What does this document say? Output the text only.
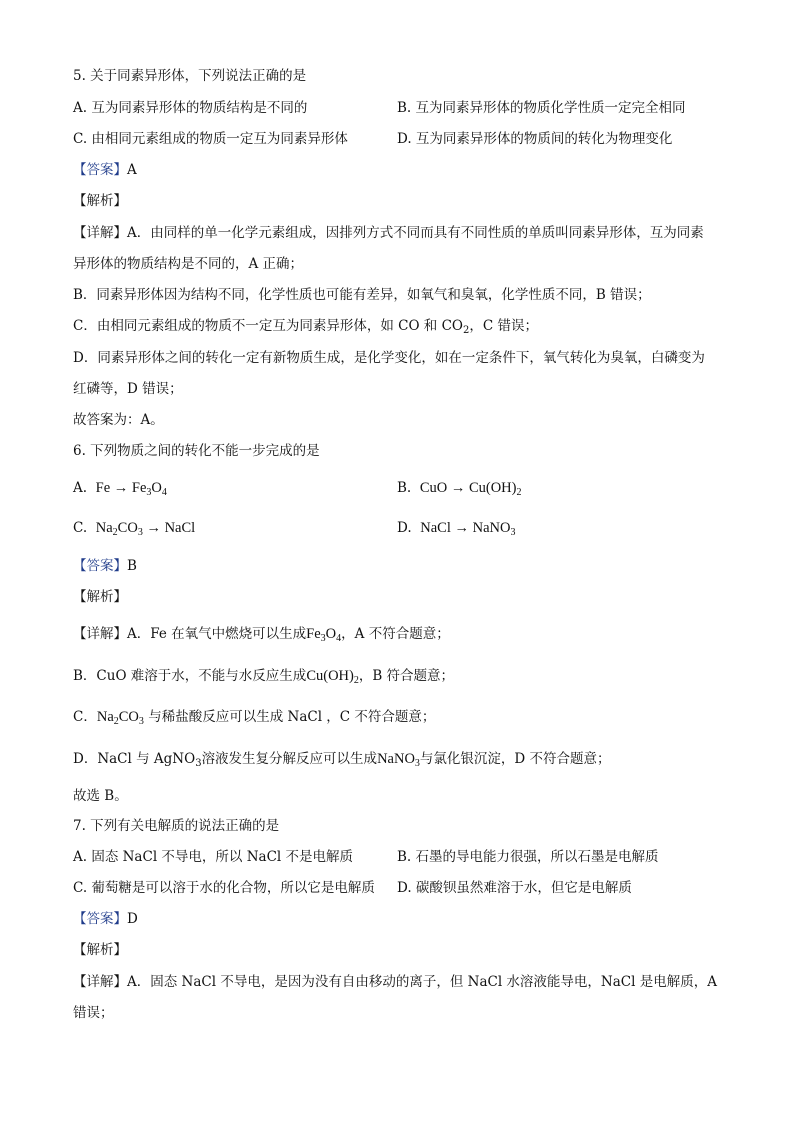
5. 关于同素异形体，下列说法正确的是
A. 互为同素异形体的物质结构是不同的	B. 互为同素异形体的物质化学性质一定完全相同
C. 由相同元素组成的物质一定互为同素异形体	D. 互为同素异形体的物质间的转化为物理变化
【答案】A
【解析】
【详解】A．由同样的单一化学元素组成，因排列方式不同而具有不同性质的单质叫同素异形体，互为同素
异形体的物质结构是不同的，A 正确；
B．同素异形体因为结构不同，化学性质也可能有差异，如氧气和臭氧，化学性质不同，B 错误；
C．由相同元素组成的物质不一定互为同素异形体，如 CO 和 $CO_2$，C 错误；
D．同素异形体之间的转化一定有新物质生成，是化学变化，如在一定条件下，氧气转化为臭氧，白磷变为
红磷等，D 错误；
故答案为：A。
6. 下列物质之间的转化不能一步完成的是
A. $Fe \to Fe_3O_4$	B. CuO → $Cu(OH)_2$
C. $Na_2CO_3$ → NaCl	D. NaCl → NaNO$_3$
【答案】B
【解析】
【详解】A．Fe 在氧气中燃烧可以生成$Fe_3O_4$，A 不符合题意；
B．CuO 难溶于水，不能与水反应生成$Cu(OH)_2$，B 符合题意；
C．$Na_2CO_3$ 与稀盐酸反应可以生成 NaCl ，C 不符合题意；
D．NaCl 与 AgNO$_3$溶液发生复分解反应可以生成NaNO$_3$与氯化银沉淀，D 不符合题意；
故选 B。
7. 下列有关电解质的说法正确的是
A. 固态 NaCl 不导电，所以 NaCl 不是电解质	B. 石墨的导电能力很强，所以石墨是电解质
C. 葡萄糖是可以溶于水的化合物，所以它是电解质 D. 碳酸钡虽然难溶于水，但它是电解质
【答案】D
【解析】
【详解】A．固态 NaCl 不导电，是因为没有自由移动的离子，但 NaCl 水溶液能导电，NaCl 是电解质，A
错误；
